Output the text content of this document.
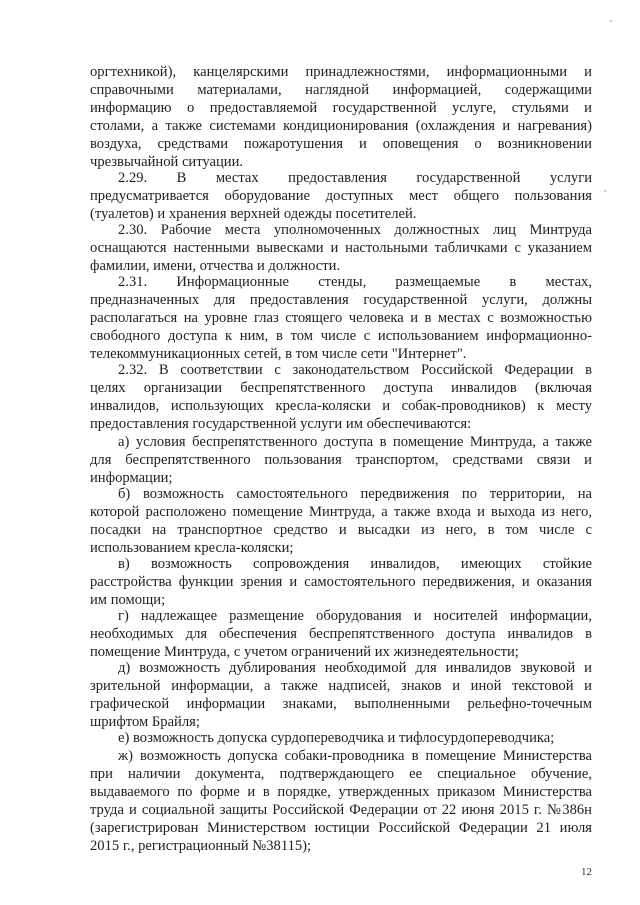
оргтехникой), канцелярскими принадлежностями, информационными и
справочными материалами, наглядной информацией, содержащими
информацию о предоставляемой государственной услуге, стульями и
столами, а также системами кондиционирования (охлаждения и нагревания)
воздуха, средствами пожаротушения и оповещения о возникновении
чрезвычайной ситуации.
2.29. В местах предоставления государственной услуги
предусматривается оборудование доступных мест общего пользования
(туалетов) и хранения верхней одежды посетителей.
2.30. Рабочие места уполномоченных должностных лиц Минтруда
оснащаются настенными вывесками и настольными табличками с указанием
фамилии, имени, отчества и должности.
2.31. Информационные стенды, размещаемые в местах,
предназначенных для предоставления государственной услуги, должны
располагаться на уровне глаз стоящего человека и в местах с возможностью
свободного доступа к ним, в том числе с использованием информационно-
телекоммуникационных сетей, в том числе сети "Интернет".
2.32. В соответствии с законодательством Российской Федерации в
целях организации беспрепятственного доступа инвалидов (включая
инвалидов, использующих кресла-коляски и собак-проводников) к месту
предоставления государственной услуги им обеспечиваются:
а) условия беспрепятственного доступа в помещение Минтруда, а также
для беспрепятственного пользования транспортом, средствами связи и
информации;
б) возможность самостоятельного передвижения по территории, на
которой расположено помещение Минтруда, а также входа и выхода из него,
посадки на транспортное средство и высадки из него, в том числе с
использованием кресла-коляски;
в) возможность сопровождения инвалидов, имеющих стойкие
расстройства функции зрения и самостоятельного передвижения, и оказания
им помощи;
г) надлежащее размещение оборудования и носителей информации,
необходимых для обеспечения беспрепятственного доступа инвалидов в
помещение Минтруда, с учетом ограничений их жизнедеятельности;
д) возможность дублирования необходимой для инвалидов звуковой и
зрительной информации, а также надписей, знаков и иной текстовой и
графической информации знаками, выполненными рельефно-точечным
шрифтом Брайля;
е) возможность допуска сурдопереводчика и тифлосурдопереводчика;
ж) возможность допуска собаки-проводника в помещение Министерства
при наличии документа, подтверждающего ее специальное обучение,
выдаваемого по форме и в порядке, утвержденных приказом Министерства
труда и социальной защиты Российской Федерации от 22 июня 2015 г. №386н
(зарегистрирован Министерством юстиции Российской Федерации 21 июля
2015 г., регистрационный №38115);
12
